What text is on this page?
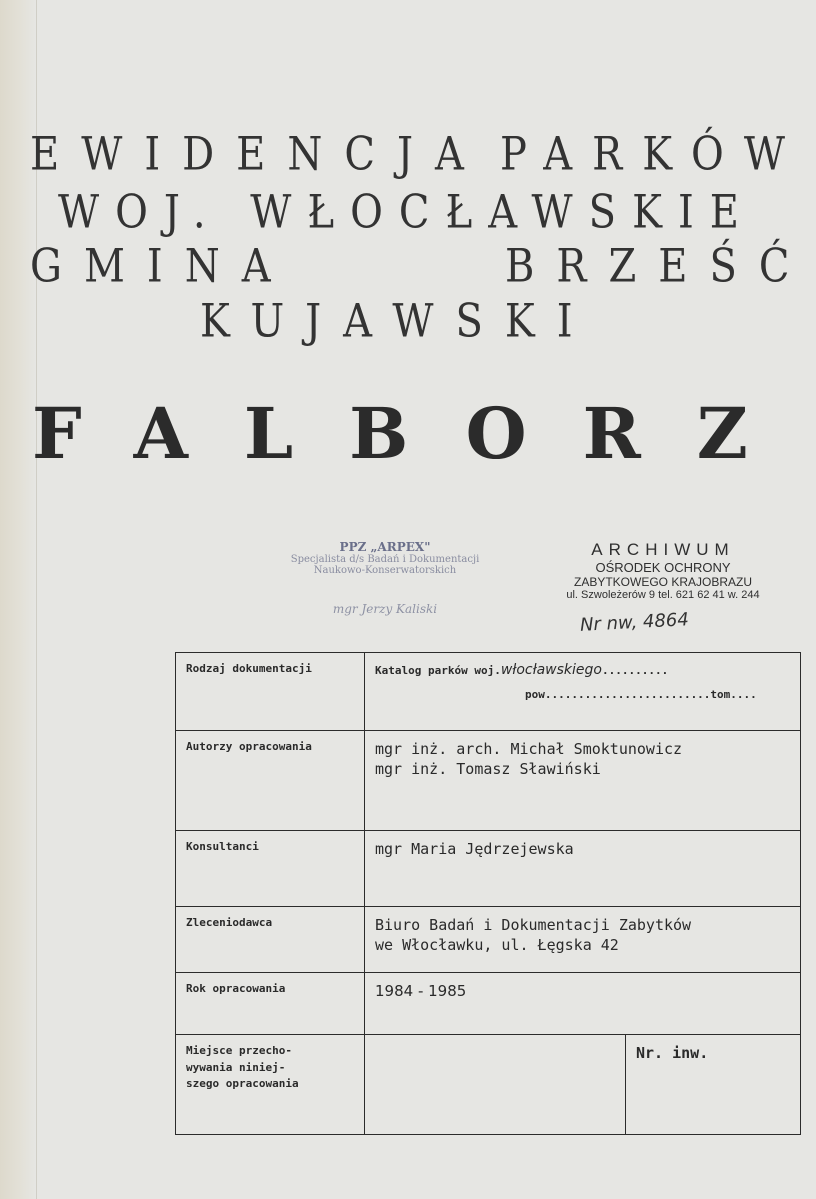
EWIDENCJA PARKÓW
WOJ. WŁOCŁAWSKIE
GMINA	BRZEŚĆ
KUJAWSKI
FALBORZ
PPZ „ARPEX"
Specjalista d/s Badań i Dokumentacji
Naukowo-Konserwatorskich
mgr Jerzy Kaliski
ARCHIWUM
OŚRODEK OCHRONY
ZABYTKOWEGO KRAJOBRAZU
ul. Szwoleżerów 9 tel. 621 62 41 w. 244
Nr nw, 4864
Rodzaj dokumentacji	Katalog parków woj.włocławskiego..........
pow.........................tom....	

Autorzy opracowania	mgr inż. arch. Michał Smoktunowicz
mgr inż. Tomasz Sławiński	
Konsultanci	mgr Maria Jędrzejewska	
Zleceniodawca	Biuro Badań i Dokumentacji Zabytków
we Włocławku, ul. Łęgska 42	
Rok opracowania	1984 - 1985	
Miejsce przecho-
wywania niniej-
szego opracowania		Nr. inw.
